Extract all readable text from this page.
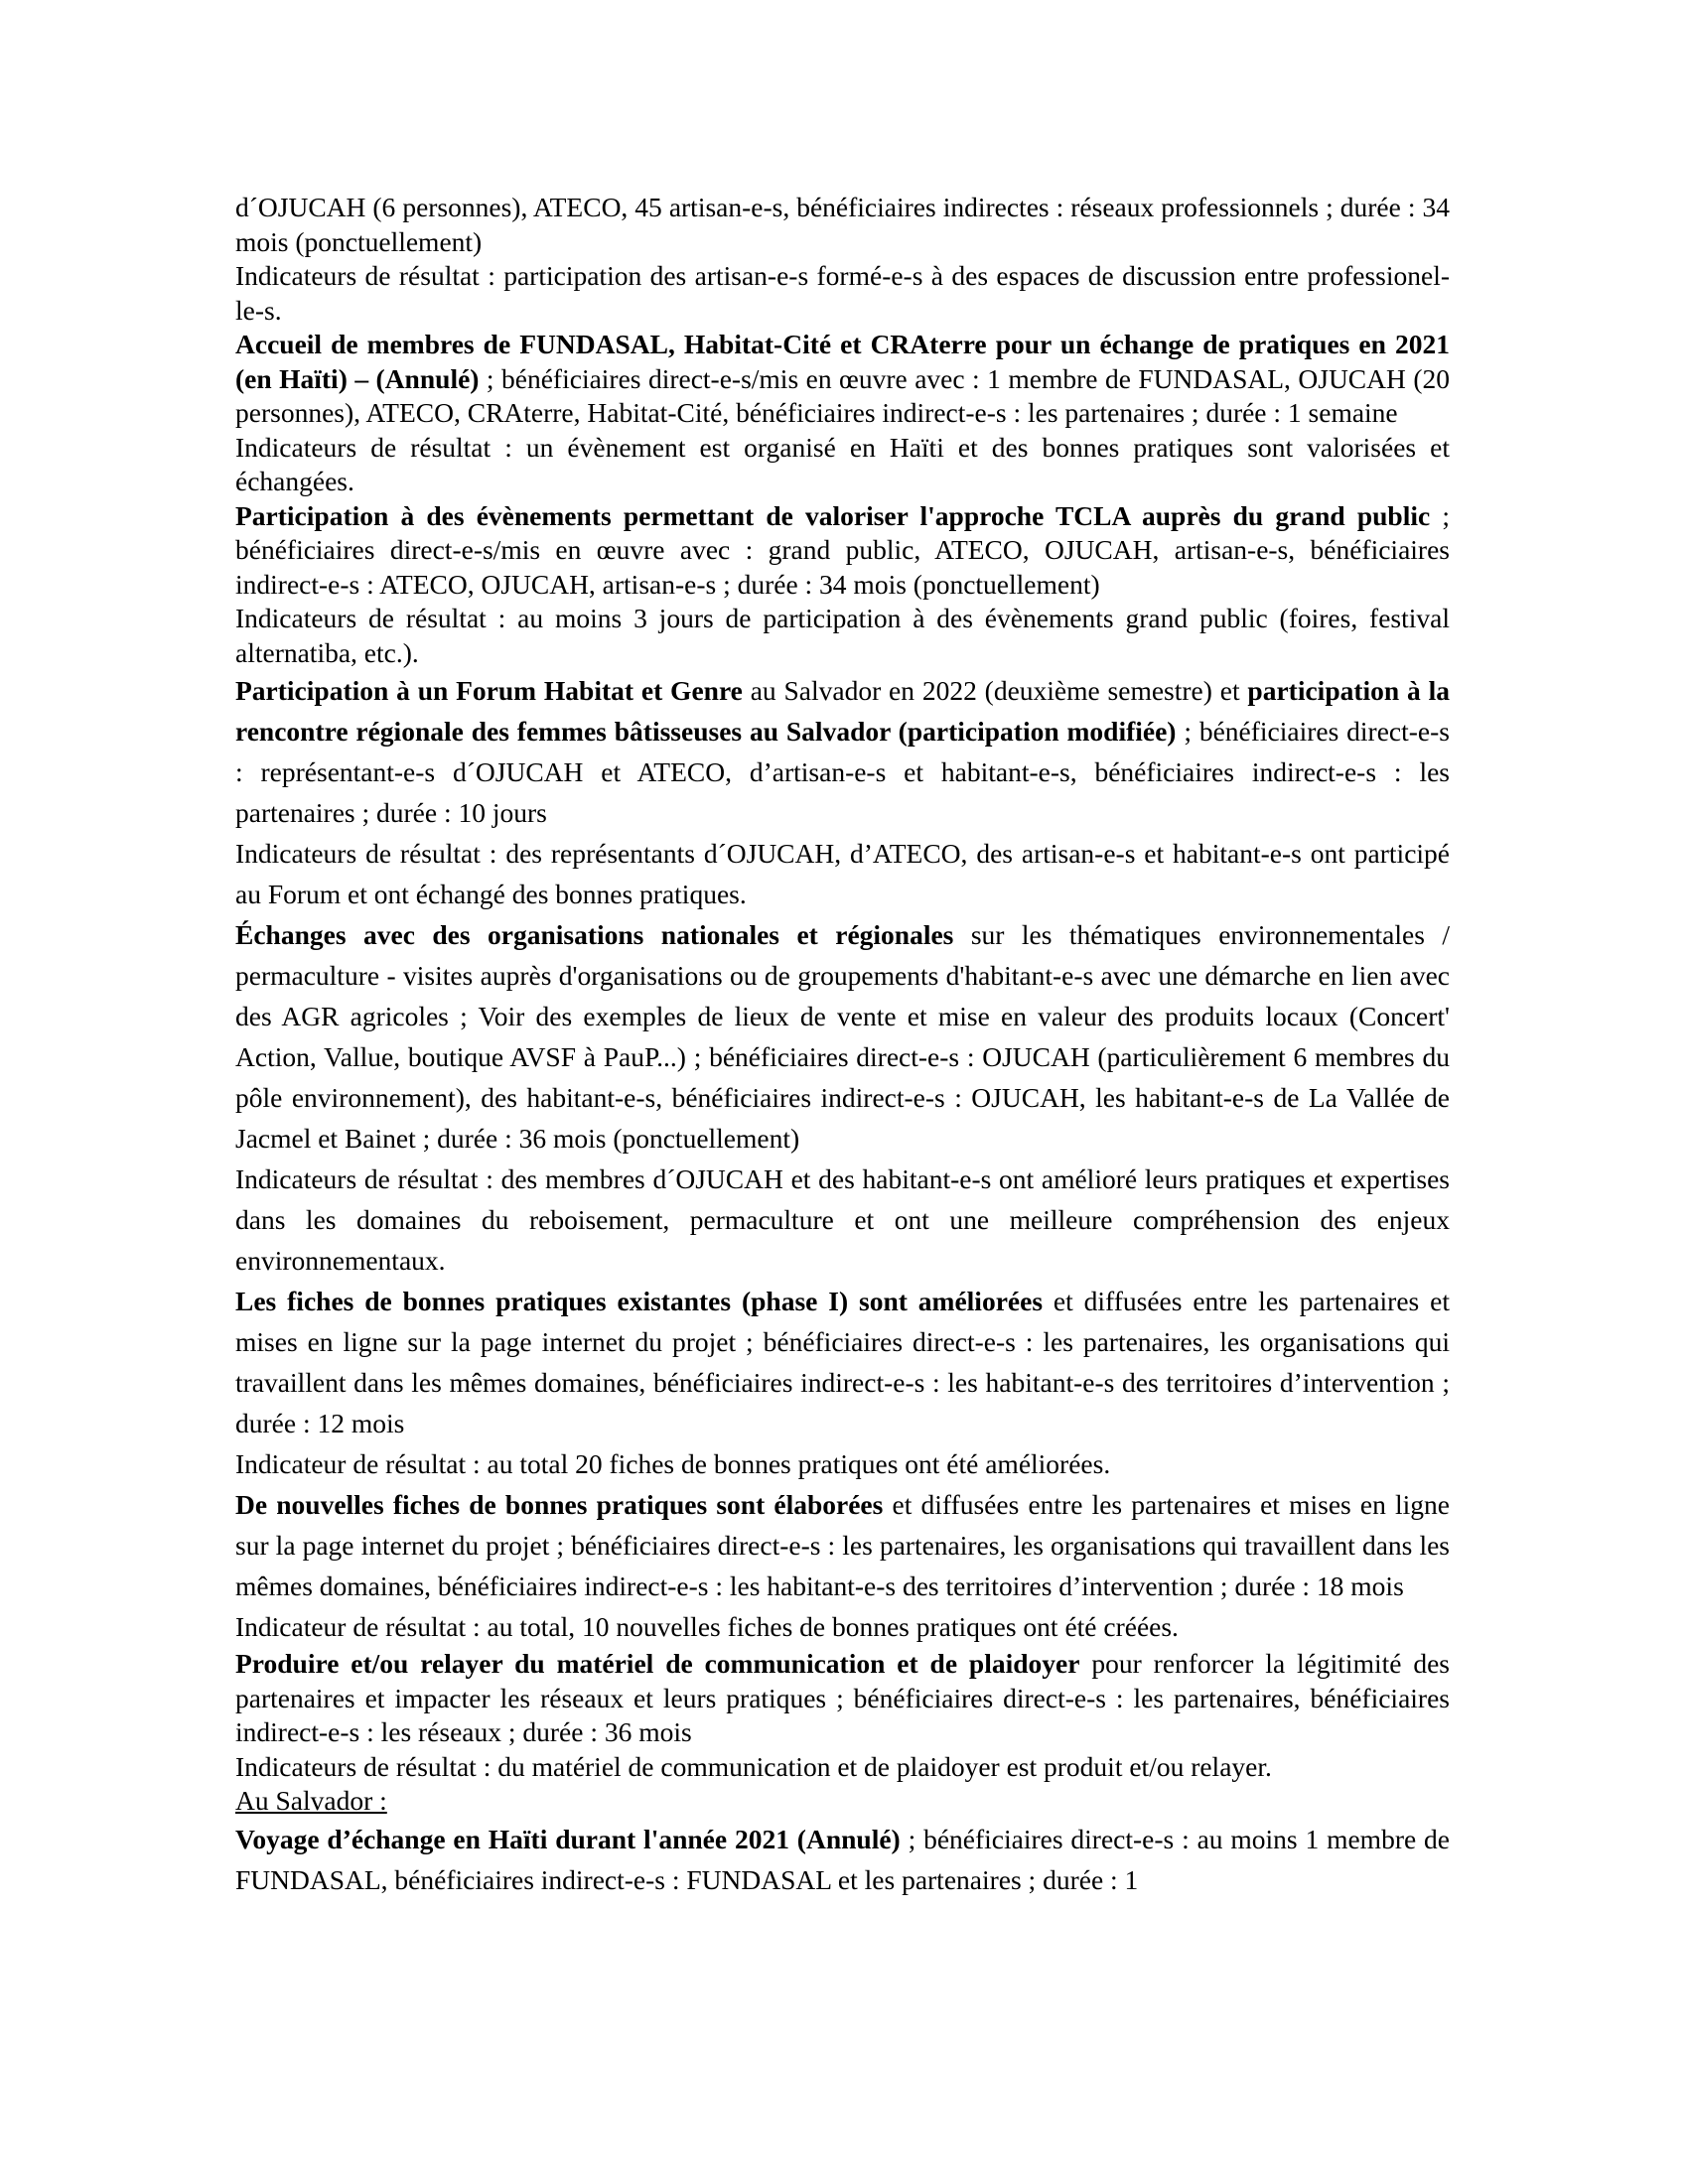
d´OJUCAH (6 personnes), ATECO, 45 artisan-e-s, bénéficiaires indirectes : réseaux professionnels ; durée : 34 mois (ponctuellement)

Indicateurs de résultat : participation des artisan-e-s formé-e-s à des espaces de discussion entre professionel-le-s.

Accueil de membres de FUNDASAL, Habitat-Cité et CRAterre pour un échange de pratiques en 2021 (en Haïti) – (Annulé) ; bénéficiaires direct-e-s/mis en œuvre avec : 1 membre de FUNDASAL, OJUCAH (20 personnes), ATECO, CRAterre, Habitat-Cité, bénéficiaires indirect-e-s : les partenaires ; durée : 1 semaine

Indicateurs de résultat : un évènement est organisé en Haïti et des bonnes pratiques sont valorisées et échangées.

Participation à des évènements permettant de valoriser l'approche TCLA auprès du grand public ; bénéficiaires direct-e-s/mis en œuvre avec : grand public, ATECO, OJUCAH, artisan-e-s, bénéficiaires indirect-e-s : ATECO, OJUCAH, artisan-e-s ; durée : 34 mois (ponctuellement)

Indicateurs de résultat : au moins 3 jours de participation à des évènements grand public (foires, festival alternatiba, etc.).

Participation à un Forum Habitat et Genre au Salvador en 2022 (deuxième semestre) et participation à la rencontre régionale des femmes bâtisseuses au Salvador (participation modifiée) ; bénéficiaires direct-e-s : représentant-e-s d´OJUCAH et ATECO, d’artisan-e-s et habitant-e-s, bénéficiaires indirect-e-s : les partenaires ; durée : 10 jours

Indicateurs de résultat : des représentants d´OJUCAH, d’ATECO, des artisan-e-s et habitant-e-s ont participé au Forum et ont échangé des bonnes pratiques.

Échanges avec des organisations nationales et régionales sur les thématiques environnementales / permaculture - visites auprès d'organisations ou de groupements d'habitant-e-s avec une démarche en lien avec des AGR agricoles ; Voir des exemples de lieux de vente et mise en valeur des produits locaux (Concert' Action, Vallue, boutique AVSF à PauP...) ; bénéficiaires direct-e-s : OJUCAH (particulièrement 6 membres du pôle environnement), des habitant-e-s, bénéficiaires indirect-e-s : OJUCAH, les habitant-e-s de La Vallée de Jacmel et Bainet ; durée : 36 mois (ponctuellement)

Indicateurs de résultat : des membres d´OJUCAH et des habitant-e-s ont amélioré leurs pratiques et expertises dans les domaines du reboisement, permaculture et ont une meilleure compréhension des enjeux environnementaux.

Les fiches de bonnes pratiques existantes (phase I) sont améliorées et diffusées entre les partenaires et mises en ligne sur la page internet du projet ; bénéficiaires direct-e-s : les partenaires, les organisations qui travaillent dans les mêmes domaines, bénéficiaires indirect-e-s : les habitant-e-s des territoires d’intervention ; durée : 12 mois

Indicateur de résultat : au total 20 fiches de bonnes pratiques ont été améliorées.

De nouvelles fiches de bonnes pratiques sont élaborées et diffusées entre les partenaires et mises en ligne sur la page internet du projet ; bénéficiaires direct-e-s : les partenaires, les organisations qui travaillent dans les mêmes domaines, bénéficiaires indirect-e-s : les habitant-e-s des territoires d’intervention ; durée : 18 mois

Indicateur de résultat : au total, 10 nouvelles fiches de bonnes pratiques ont été créées.

Produire et/ou relayer du matériel de communication et de plaidoyer pour renforcer la légitimité des partenaires et impacter les réseaux et leurs pratiques ; bénéficiaires direct-e-s : les partenaires, bénéficiaires indirect-e-s : les réseaux ; durée : 36 mois

Indicateurs de résultat : du matériel de communication et de plaidoyer est produit et/ou relayer.

Au Salvador :

Voyage d’échange en Haïti durant l'année 2021 (Annulé) ; bénéficiaires direct-e-s : au moins 1 membre de FUNDASAL, bénéficiaires indirect-e-s : FUNDASAL et les partenaires ; durée : 1
